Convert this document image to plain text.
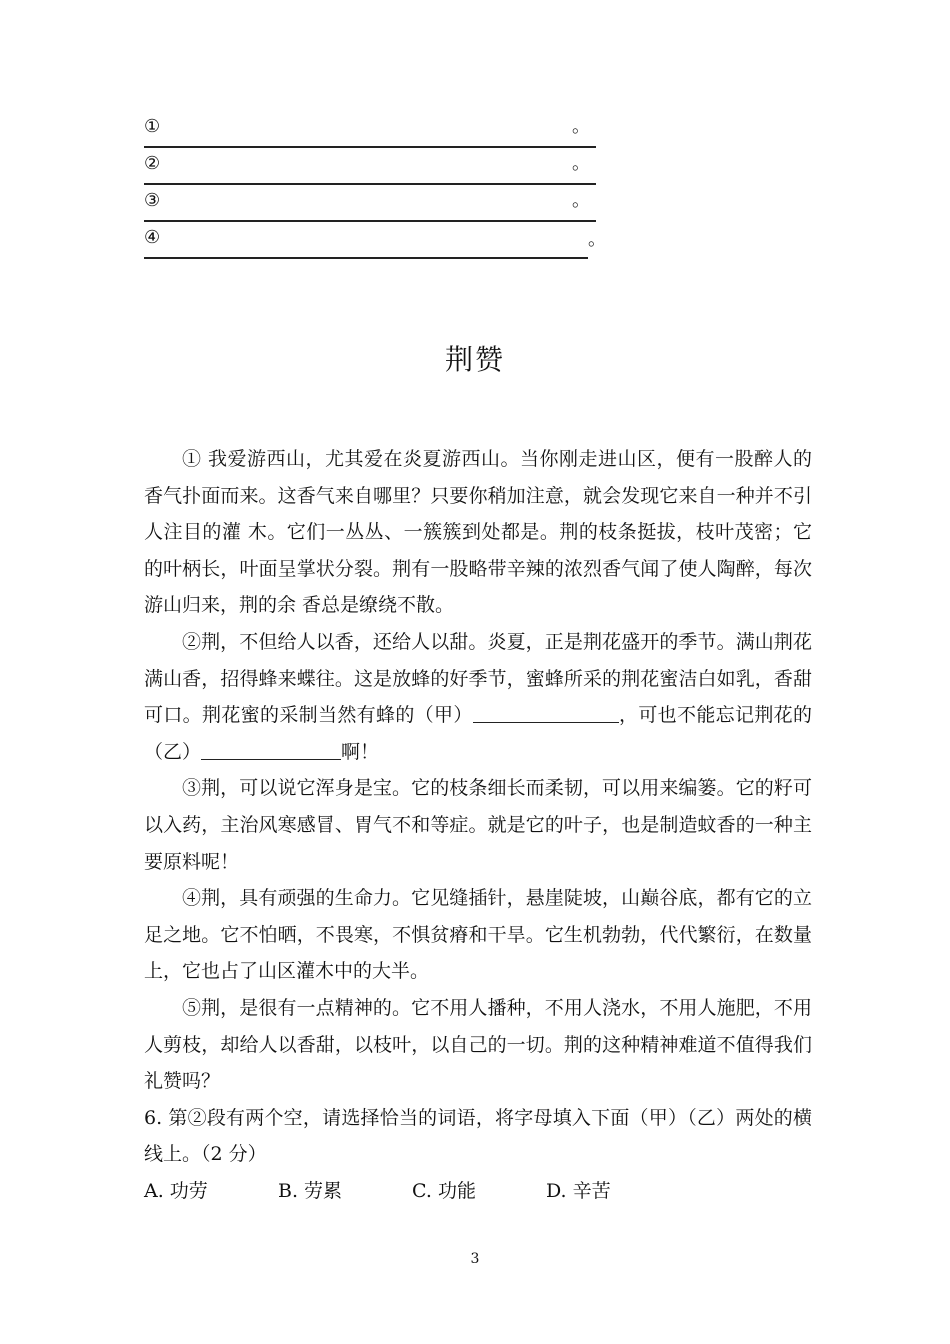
①	。
②	。
③	。
④	。
荆赞

① 我爱游西山，尤其爱在炎夏游西山。当你刚走进山区，便有一股醉人的香气扑面而来。这香气来自哪里？只要你稍加注意，就会发现它来自一种并不引人注目的灌 木。它们一丛丛、一簇簇到处都是。荆的枝条挺拔，枝叶茂密；它的叶柄长，叶面呈掌状分裂。荆有一股略带辛辣的浓烈香气闻了使人陶醉，每次游山归来，荆的余 香总是缭绕不散。

②荆，不但给人以香，还给人以甜。炎夏，正是荆花盛开的季节。满山荆花满山香，招得蜂来蝶往。这是放蜂的好季节，蜜蜂所采的荆花蜜洁白如乳，香甜可口。荆花蜜的采制当然有蜂的（甲）	，可也不能忘记荆花的（乙）	啊！

③荆，可以说它浑身是宝。它的枝条细长而柔韧，可以用来编篓。它的籽可以入药，主治风寒感冒、胃气不和等症。就是它的叶子，也是制造蚊香的一种主要原料呢！

④荆，具有顽强的生命力。它见缝插针，悬崖陡坡，山巅谷底，都有它的立足之地。它不怕晒，不畏寒，不惧贫瘠和干旱。它生机勃勃，代代繁衍，在数量上，它也占了山区灌木中的大半。

⑤荆，是很有一点精神的。它不用人播种，不用人浇水，不用人施肥，不用人剪枝，却给人以香甜，以枝叶，以自己的一切。荆的这种精神难道不值得我们礼赞吗？

6. 第②段有两个空，请选择恰当的词语，将字母填入下面（甲）（乙）两处的横线上。（2 分）

A. 功劳	B. 劳累	C. 功能	D. 辛苦
3
